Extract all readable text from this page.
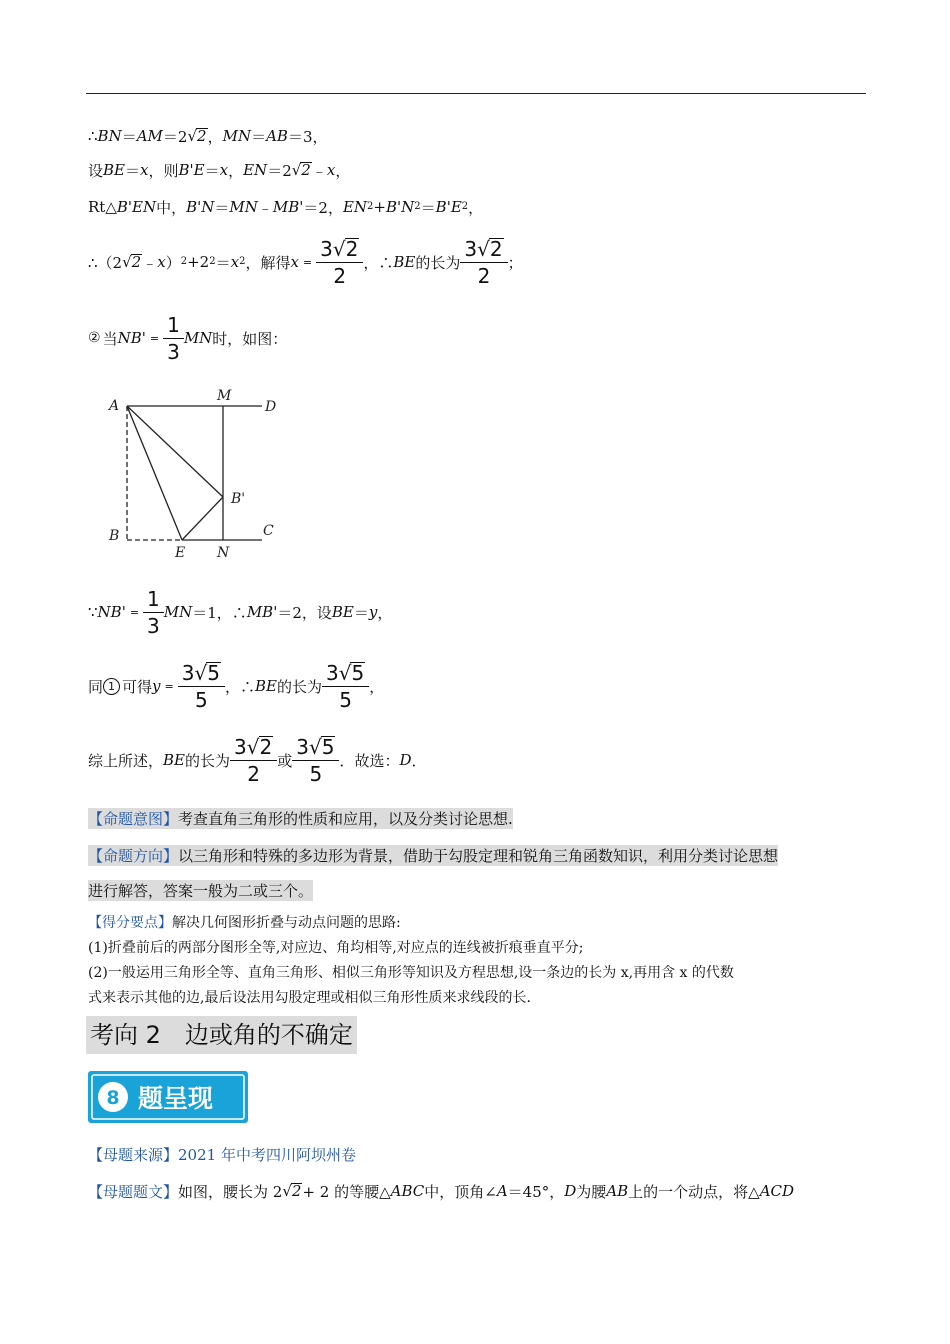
∴ BN ＝ AM ＝2 √ 2 ， MN ＝ AB ＝3，
设 BE ＝ x ，则 B'E ＝ x ， EN ＝2 √ 2 ﹣ x ，
Rt△ B'EN 中， B'N ＝ MN ﹣ MB' ＝2， EN 2 + B'N 2 ＝ B'E 2 ，
∴（2 √ 2 ﹣ x ） 2 +2 2 ＝ x 2 ，解得 $x = \frac{3 √ 2}{2}$ ，∴ BE 的长为 $\frac{3 √ 2}{2}$ ；
② 当 $NB' = \frac{1}{3}$ MN 时，如图：
A
M
D
B'
B	C
E N
∵ $NB' = \frac{1}{3}$ MN ＝1，∴ MB' ＝2，设 BE ＝ y ，
同 1 可得 $y = \frac{3 √ 5}{5}$ ，∴ BE 的长为 $\frac{3 √ 5}{5}$ ，
综上所述， BE 的长为 $\frac{3 √ 2}{2}$ 或 $\frac{3 √ 5}{5}$ ．故选： D ．
【命题意图】 考查直角三角形的性质和应用，以及分类讨论思想.
【命题方向】 以三角形和特殊的多边形为背景，借助于勾股定理和锐角三角函数知识，利用分类讨论思想
进行解答，答案一般为二或三个。
【得分要点】 解决几何图形折叠与动点问题的思路:
(1)折叠前后的两部分图形全等,对应边、角均相等,对应点的连线被折痕垂直平分;
(2)一般运用三角形全等、直角三角形、相似三角形等知识及方程思想,设一条边的长为 x,再用含 x 的代数
式来表示其他的边,最后设法用勾股定理或相似三角形性质来求线段的长.
考向 2　边或角的不确定
8 题呈现
【母题来源】 2021 年中考四川阿坝州卷
【母题题文】 如图，腰长为 2 √ 2 + 2 的等腰△ ABC 中，顶角∠ A ＝45°， D 为腰 AB 上的一个动点，将△ ACD
